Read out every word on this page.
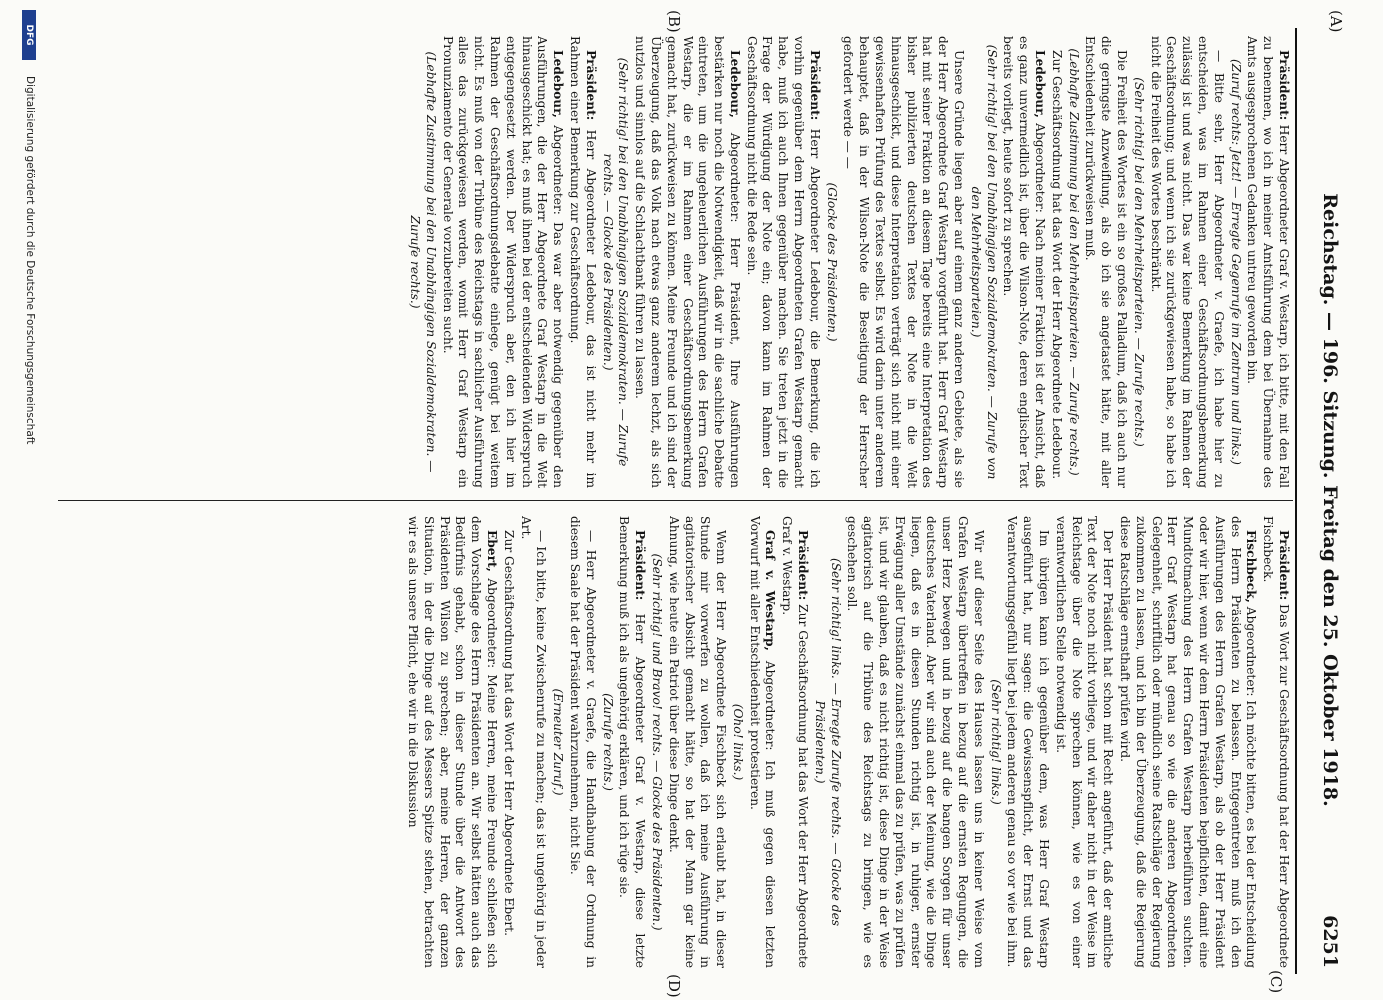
Reichstag. — 196. Sitzung. Freitag den 25. Oktober 1918.
6251
(A)
(B)
(C)
(D)

Präsident: Herr Abgeordneter Graf v. Westarp, ich bitte, mit den Fall zu benennen, wo ich in meiner Amtsführung dem bei Übernahme des Amts ausgesprochenen Gedanken untreu geworden bin.

(Zuruf rechts: Jetzt! — Erregte Gegenrufe im Zentrum und links.)

— Bitte sehr, Herr Abgeordneter v. Graefe, ich habe hier zu entscheiden, was im Rahmen einer Geschäftsordnungsbemerkung zulässig ist und was nicht. Das war keine Bemerkung im Rahmen der Geschäftsordnung; und wenn ich sie zurückgewiesen habe, so habe ich nicht die Freiheit des Wortes beschränkt.

(Sehr richtig! bei den Mehrheitsparteien. — Zurufe rechts.)

Die Freiheit des Wortes ist ein so großes Palladium, daß ich auch nur die geringste Anzweiflung, als ob ich sie angetastet hätte, mit aller Entschiedenheit zurückweisen muß.

(Lebhafte Zustimmung bei den Mehrheitsparteien. — Zurufe rechts.)

Zur Geschäftsordnung hat das Wort der Herr Abgeordnete Ledebour.

Ledebour, Abgeordneter: Nach meiner Fraktion ist der Ansicht, daß es ganz unvermeidlich ist, über die Wilson-Note, deren englischer Text bereits vorliegt, heute sofort zu sprechen.

(Sehr richtig! bei den Unabhängigen Sozialdemokraten. — Zurufe von den Mehrheitsparteien.)

Unsere Gründe liegen aber auf einem ganz anderen Gebiete, als sie der Herr Abgeordnete Graf Westarp vorgeführt hat. Herr Graf Westarp hat mit seiner Fraktion an diesem Tage bereits eine Interpretation des bisher publizierten deutschen Textes der Note in die Welt hinausgeschickt, und diese Interpretation verträgt sich nicht mit einer gewissenhaften Prüfung des Textes selbst. Es wird darin unter anderem behauptet, daß in der Wilson-Note die Beseitigung der Herrscher gefordert werde — —

(Glocke des Präsidenten.)

Präsident: Herr Abgeordneter Ledebour, die Bemerkung, die ich vorhin gegenüber dem Herrn Abgeordneten Grafen Westarp gemacht habe, muß ich auch Ihnen gegenüber machen. Sie treten jetzt in die Frage der Würdigung der Note ein; davon kann im Rahmen der Geschäftsordnung nicht die Rede sein.

Ledebour, Abgeordneter: Herr Präsident, Ihre Ausführungen bestärken nur noch die Notwendigkeit, daß wir in die sachliche Debatte eintreten, um die ungeheuerlichen Ausführungen des Herrn Grafen Westarp, die er im Rahmen einer Geschäftsordnungsbemerkung gemacht hat, zurückweisen zu können. Meine Freunde und ich sind der Überzeugung, daß das Volk nach etwas ganz anderem lechzt, als sich nutzlos und sinnlos auf die Schlachtbank führen zu lassen.

(Sehr richtig! bei den Unabhängigen Sozialdemokraten. — Zurufe rechts. — Glocke des Präsidenten.)

Präsident: Herr Abgeordneter Ledebour, das ist nicht mehr im Rahmen einer Bemerkung zur Geschäftsordnung.

Ledebour, Abgeordneter: Das war aber notwendig gegenüber den Ausführungen, die der Herr Abgeordnete Graf Westarp in die Welt hinausgeschickt hat; es muß ihnen bei der entscheidenden Widerspruch entgegengesetzt werden. Der Widerspruch aber, den ich hier im Rahmen der Geschäftsordnungsdebatte einlege, genügt bei weitem nicht. Es muß von der Tribüne des Reichstags in sachlicher Ausführung alles das zurückgewiesen werden, womit Herr Graf Westarp ein Pronunziamento der Generale vorzubereiten sucht.

(Lebhafte Zustimmung bei den Unabhängigen Sozialdemokraten. — Zurufe rechts.)

Präsident: Das Wort zur Geschäftsordnung hat der Herr Abgeordnete Fischbeck.

Fischbeck, Abgeordneter: Ich möchte bitten, es bei der Entscheidung des Herrn Präsidenten zu belassen. Entgegentreten muß ich den Ausführungen des Herrn Grafen Westarp, als ob der Herr Präsident oder wir hier, wenn wir dem Herrn Präsidenten beipflichten, damit eine Mundtotmachung des Herrn Grafen Westarp herbeiführen suchten. Herr Graf Westarp hat genau so wie die anderen Abgeordneten Gelegenheit, schriftlich oder mündlich seine Ratschläge der Regierung zukommen zu lassen, und ich bin der Überzeugung, daß die Regierung diese Ratschläge ernsthaft prüfen wird.

Der Herr Präsident hat schon mit Recht angeführt, daß der amtliche Text der Note noch nicht vorliege, und wir daher nicht in der Weise im Reichstage über die Note sprechen können, wie es von einer verantwortlichen Stelle notwendig ist.

Im übrigen kann ich gegenüber dem, was Herr Graf Westarp ausgeführt hat, nur sagen: die Gewissenspflicht, der Ernst und das Verantwortungsgefühl liegt bei jedem anderen genau so vor wie bei ihm.

(Sehr richtig! links.)

Wir auf dieser Seite des Hauses lassen uns in keiner Weise vom Grafen Westarp übertreffen in bezug auf die ernsten Regungen, die unser Herz bewegen und in bezug auf die bangen Sorgen für unser deutsches Vaterland. Aber wir sind auch der Meinung, wie die Dinge liegen, daß es in diesen Stunden richtig ist, in ruhiger, ernster Erwägung aller Umstände zunächst einmal das zu prüfen, was zu prüfen ist, und wir glauben, daß es nicht richtig ist, diese Dinge in der Weise agitatorisch auf die Tribüne des Reichstags zu bringen, wie es geschehen soll.

(Sehr richtig! links. — Erregte Zurufe rechts. — Glocke des Präsidenten.)

Präsident: Zur Geschäftsordnung hat das Wort der Herr Abgeordnete Graf v. Westarp.

Graf v. Westarp, Abgeordneter: Ich muß gegen diesen letzten Vorwurf mit aller Entschiedenheit protestieren.

(Oho! links.)

Wenn der Herr Abgeordnete Fischbeck sich erlaubt hat, in dieser Stunde mir vorwerfen zu wollen, daß ich meine Ausführung in agitatorischer Absicht gemacht hätte, so hat der Mann gar keine Ahnung, wie heute ein Patriot über diese Dinge denkt.

(Sehr richtig! und Bravo! rechts. — Glocke des Präsidenten.)

Präsident: Herr Abgeordneter Graf v. Westarp, diese letzte Bemerkung muß ich als ungehörig erklären, und ich rüge sie.

(Zurufe rechts.)

— Herr Abgeordneter v. Graefe, die Handhabung der Ordnung in diesem Saale hat der Präsident wahrzunehmen, nicht Sie.

(Erneuter Zuruf.)

— Ich bitte, keine Zwischenrufe zu machen; das ist ungehörig in jeder Art.

Zur Geschäftsordnung hat das Wort der Herr Abgeordnete Ebert.

Ebert, Abgeordneter: Meine Herren, meine Freunde schließen sich dem Vorschlage des Herrn Präsidenten an. Wir selbst hätten auch das Bedürfnis gehabt, schon in dieser Stunde über die Antwort des Präsidenten Wilson zu sprechen; aber, meine Herren, der ganzen Situation, in der die Dinge auf des Messers Spitze stehen, betrachten wir es als unsere Pflicht, ehe wir in die Diskussion

DFG
Digitalisierung gefördert durch die Deutsche Forschungsgemeinschaft
